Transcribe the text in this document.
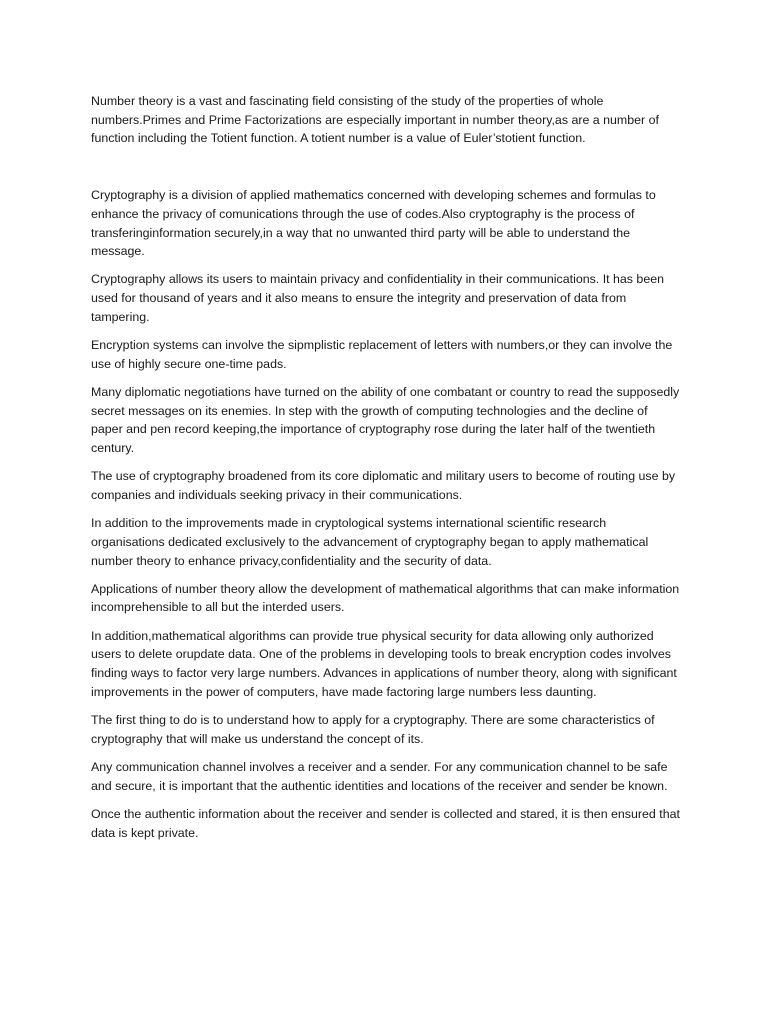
Number theory is a vast and fascinating field consisting of the study of the properties of whole numbers.Primes and Prime Factorizations are especially important in number theory,as are a number of function including the Totient function. A totient number is a value of Euler’stotient function.

Cryptography is a division of applied mathematics concerned with developing schemes and formulas to enhance the privacy of comunications through the use of codes.Also cryptography is the process of transferinginformation securely,in a way that no unwanted third party will be able to understand the message.

Cryptography allows its users to maintain privacy and confidentiality in their communications. It has been used for thousand of years and it also means to ensure the integrity and preservation of data from tampering.

Encryption systems can involve the sipmplistic replacement of letters with numbers,or they can involve the use of highly secure one-time pads.

Many diplomatic negotiations have turned on the ability of one combatant or country to read the supposedly secret messages on its enemies. In step with the growth of computing technologies and the decline of paper and pen record keeping,the importance of cryptography rose during the later half of the twentieth century.

The use of cryptography broadened from its core diplomatic and military users to become of routing use by companies and individuals seeking privacy in their communications.

In addition to the improvements made in cryptological systems international scientific research organisations dedicated exclusively to the advancement of cryptography began to apply mathematical number theory to enhance privacy,confidentiality and the security of data.

Applications of number theory allow the development of mathematical algorithms that can make information incomprehensible to all but the interded users.

In addition,mathematical algorithms can provide true physical security for data allowing only authorized users to delete orupdate data. One of the problems in developing tools to break encryption codes involves finding ways to factor very large numbers. Advances in applications of number theory, along with significant improvements in the power of computers, have made factoring large numbers less daunting.

The first thing to do is to understand how to apply for a cryptography. There are some characteristics of cryptography that will make us understand the concept of its.

Any communication channel involves a receiver and a sender. For any communication channel to be safe and secure, it is important that the authentic identities and locations of the receiver and sender be known.

Once the authentic information about the receiver and sender is collected and stared, it is then ensured that data is kept private.
